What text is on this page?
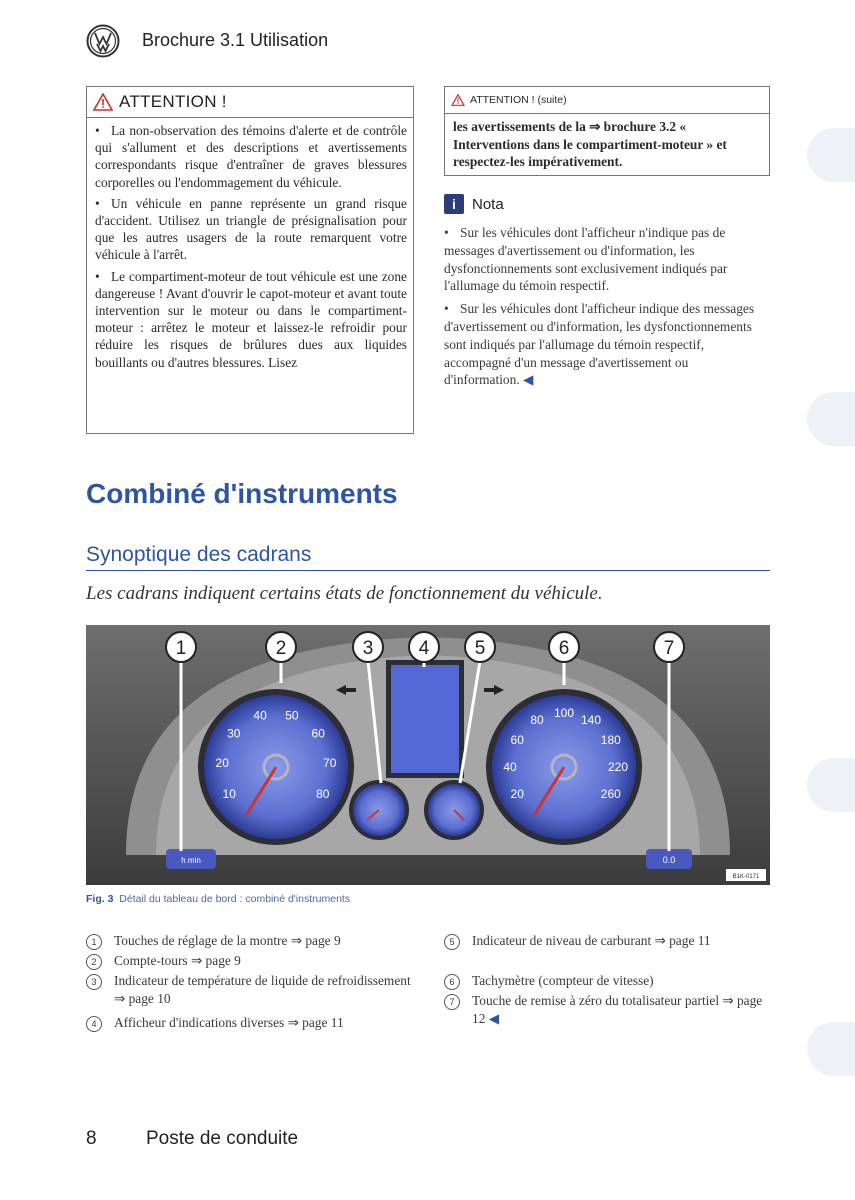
Brochure 3.1 Utilisation
ATTENTION !

• La non-observation des témoins d'alerte et de contrôle qui s'allument et des descriptions et avertissements correspondants risque d'entraîner de graves blessures corporelles ou l'endommagement du véhicule.

• Un véhicule en panne représente un grand risque d'accident. Utilisez un triangle de présignalisation pour que les autres usagers de la route remarquent votre véhicule à l'arrêt.

• Le compartiment-moteur de tout véhicule est une zone dangereuse ! Avant d'ouvrir le capot-moteur et avant toute intervention sur le moteur ou dans le compartiment-moteur : arrêtez le moteur et laissez-le refroidir pour réduire les risques de brûlures dues aux liquides bouillants ou d'autres blessures. Lisez

ATTENTION ! (suite)
les avertissements de la ⇒ brochure 3.2 « Interventions dans le compartiment-moteur » et respectez-les impérativement.
i	Nota

• Sur les véhicules dont l'afficheur n'indique pas de messages d'avertissement ou d'information, les dysfonctionnements sont exclusivement indiqués par l'allumage du témoin respectif.

• Sur les véhicules dont l'afficheur indique des messages d'avertissement ou d'information, les dysfonctionnements sont indiqués par l'allumage du témoin respectif, accompagné d'un message d'avertissement ou d'information. ◀

Combiné d'instruments
Synoptique des cadrans
Les cadrans indiquent certains états de fonctionnement du véhicule.
10
20
30
40 50
60
70
80	20
40
60
80
100
140
180
220
260
h min	0.0
1	2	3 4 5	6	7
B1K-0171
Fig. 3 Détail du tableau de bord : combiné d'instruments
1	Touches de réglage de la montre ⇒ page 9
2	Compte-tours ⇒ page 9
3	Indicateur de température de liquide de refroidissement ⇒ page 10
4	Afficheur d'indications diverses ⇒ page 11
5	Indicateur de niveau de carburant ⇒ page 11
6	Tachymètre (compteur de vitesse)
7	Touche de remise à zéro du totalisateur partiel ⇒ page 12 ◀
8	Poste de conduite
